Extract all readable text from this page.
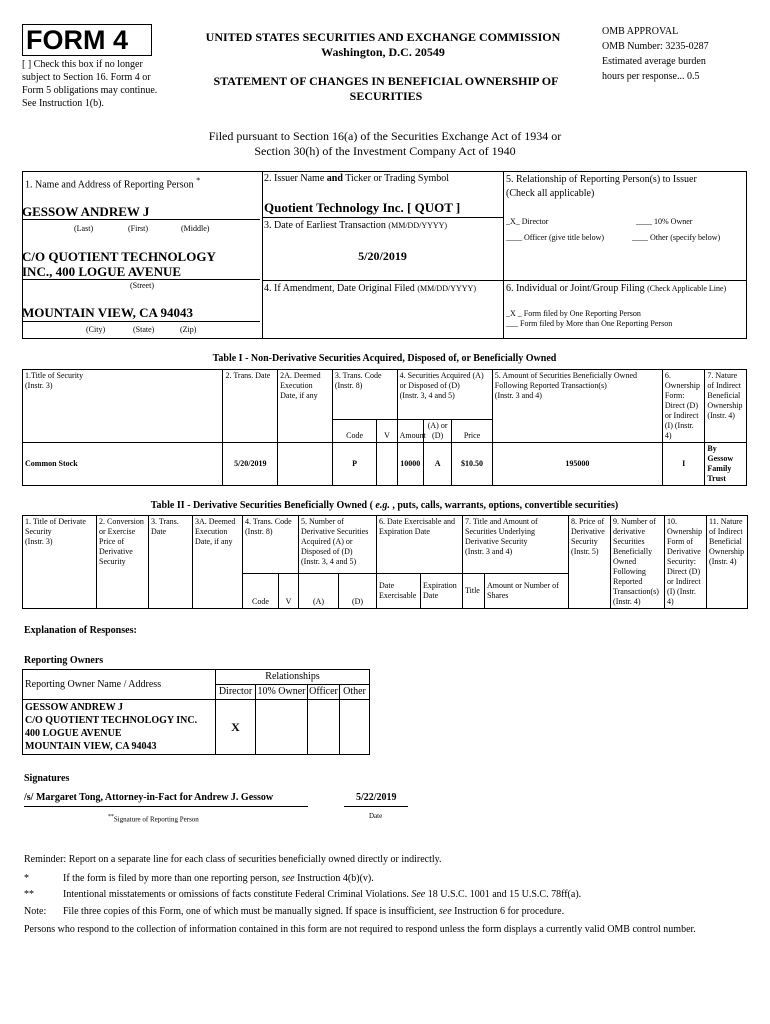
FORM 4
[ ] Check this box if no longer subject to Section 16. Form 4 or Form 5 obligations may continue. See Instruction 1(b).
UNITED STATES SECURITIES AND EXCHANGE COMMISSION
Washington, D.C. 20549
STATEMENT OF CHANGES IN BENEFICIAL OWNERSHIP OF SECURITIES
OMB APPROVAL
OMB Number: 3235-0287
Estimated average burden
hours per response... 0.5
Filed pursuant to Section 16(a) of the Securities Exchange Act of 1934 or
Section 30(h) of the Investment Company Act of 1940
1. Name and Address of Reporting Person *
GESSOW ANDREW J
(Last)	(First)	(Middle)
C/O QUOTIENT TECHNOLOGY
INC., 400 LOGUE AVENUE
(Street)
MOUNTAIN VIEW, CA 94043
(City)	(State)	(Zip)
2. Issuer Name and Ticker or Trading Symbol
Quotient Technology Inc. [ QUOT ]
3. Date of Earliest Transaction (MM/DD/YYYY)
5/20/2019
4. If Amendment, Date Original Filed (MM/DD/YYYY)
5. Relationship of Reporting Person(s) to Issuer
(Check all applicable)
_X_ Director	____ 10% Owner
____ Officer (give title below)	____ Other (specify below)
6. Individual or Joint/Group Filing (Check Applicable Line)
_X _ Form filed by One Reporting Person
___ Form filed by More than One Reporting Person
Table I - Non-Derivative Securities Acquired, Disposed of, or Beneficially Owned
1.Title of Security
(Instr. 3)	2. Trans. Date	2A. Deemed Execution Date, if any	3. Trans. Code (Instr. 8)		4. Securities Acquired (A) or Disposed of (D)
(Instr. 3, 4 and 5)			5. Amount of Securities Beneficially Owned Following Reported Transaction(s)
(Instr. 3 and 4)	6. Ownership Form: Direct (D) or Indirect (I) (Instr. 4)	7. Nature of Indirect Beneficial Ownership (Instr. 4)
			Code	V	Amount	(A) or (D)	Price			
Common Stock	5/20/2019		P		10000	A	$10.50	195000	I	By Gessow Family Trust
Table II - Derivative Securities Beneficially Owned ( e.g. , puts, calls, warrants, options, convertible securities)
1. Title of Derivate Security
(Instr. 3)	2. Conversion or Exercise Price of Derivative Security	3. Trans. Date	3A. Deemed Execution Date, if any	4. Trans. Code (Instr. 8)		5. Number of Derivative Securities Acquired (A) or Disposed of (D)
(Instr. 3, 4 and 5)		6. Date Exercisable and Expiration Date		7. Title and Amount of Securities Underlying Derivative Security
(Instr. 3 and 4)		8. Price of Derivative Security (Instr. 5)	9. Number of derivative Securities Beneficially Owned Following Reported Transaction(s) (Instr. 4)	10. Ownership Form of Derivative Security: Direct (D) or Indirect (I) (Instr. 4)	11. Nature of Indirect Beneficial Ownership (Instr. 4)
				Code	V	(A)	(D)	Date Exercisable	Expiration Date	Title	Amount or Number of Shares				
Explanation of Responses:
Reporting Owners
Reporting Owner Name / Address	Relationships			
	Director	10% Owner	Officer	Other

GESSOW ANDREW J
C/O QUOTIENT TECHNOLOGY INC.
400 LOGUE AVENUE
MOUNTAIN VIEW, CA 94043	X			
Signatures
/s/ Margaret Tong, Attorney-in-Fact for Andrew J. Gessow	5/22/2019
**Signature of Reporting Person	Date
Reminder: Report on a separate line for each class of securities beneficially owned directly or indirectly.
*	If the form is filed by more than one reporting person, see Instruction 4(b)(v).
**	Intentional misstatements or omissions of facts constitute Federal Criminal Violations. See 18 U.S.C. 1001 and 15 U.S.C. 78ff(a).
Note: File three copies of this Form, one of which must be manually signed. If space is insufficient, see Instruction 6 for procedure.
Persons who respond to the collection of information contained in this form are not required to respond unless the form displays a currently valid OMB control number.
